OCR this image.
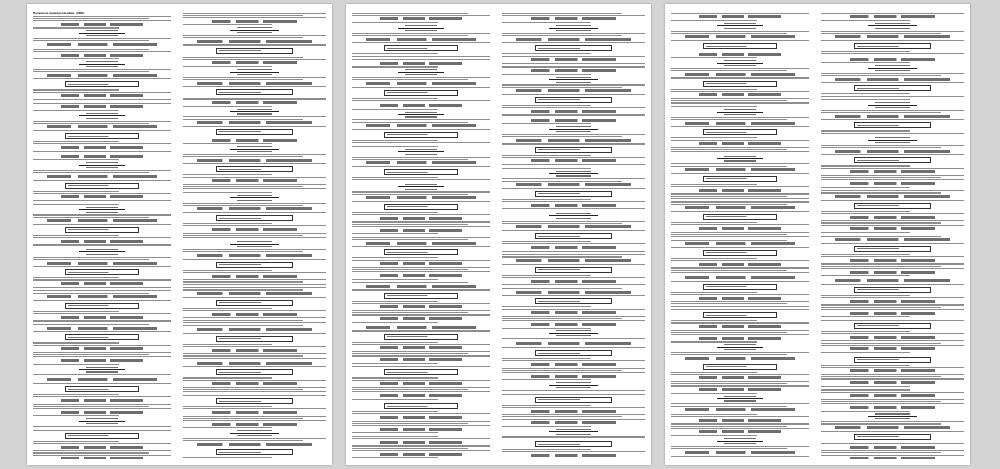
Несжатые прямоугольники. (2ВЛ)
